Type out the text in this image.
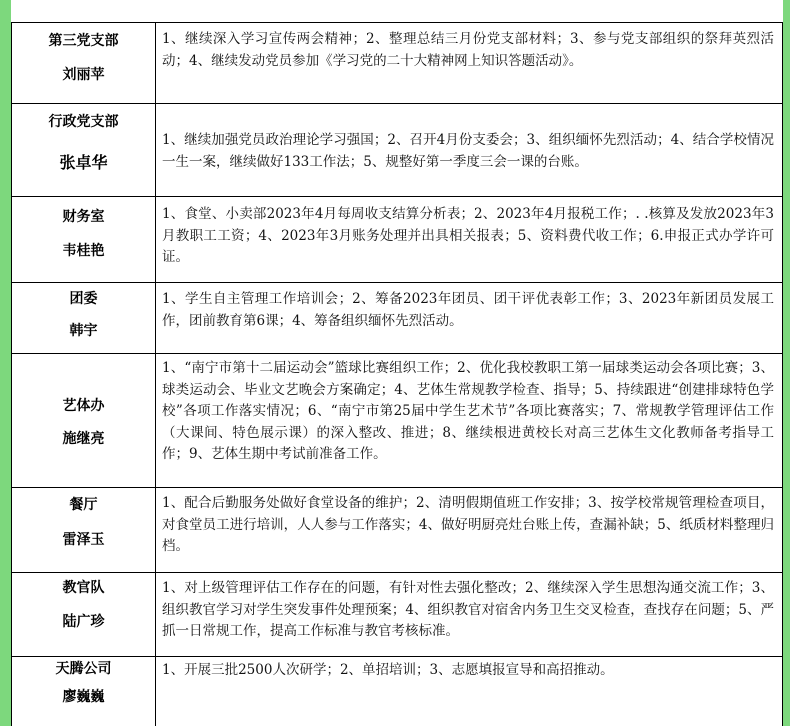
第三党支部
刘丽苹
1、继续深入学习宣传两会精神；2、整理总结三月份党支部材料；3、参与党支部组织的祭拜英烈活动；4、继续发动党员参加《学习党的二十大精神网上知识答题活动》。
行政党支部
张卓华
1、继续加强党员政治理论学习强国；2、召开4月份支委会；3、组织缅怀先烈活动；4、结合学校情况一生一案，继续做好133工作法；5、规整好第一季度三会一课的台账。
财务室
韦桂艳
1、食堂、小卖部2023年4月每周收支结算分析表；2、2023年4月报税工作；. .核算及发放2023年3月教职工工资；4、2023年3月账务处理并出具相关报表；5、资料费代收工作；6.申报正式办学许可证。
团委
韩宇
1、学生自主管理工作培训会；2、筹备2023年团员、团干评优表彰工作；3、2023年新团员发展工作，团前教育第6课；4、筹备组织缅怀先烈活动。
艺体办
施继亮
1、“南宁市第十二届运动会”篮球比赛组织工作；2、优化我校教职工第一届球类运动会各项比赛；3、球类运动会、毕业文艺晚会方案确定；4、艺体生常规教学检查、指导；5、持续跟进“创建排球特色学校”各项工作落实情况；6、“南宁市第25届中学生艺术节”各项比赛落实；7、常规教学管理评估工作（大课间、特色展示课）的深入整改、推进；8、继续根进黄校长对高三艺体生文化教师备考指导工作；9、艺体生期中考试前准备工作。
餐厅
雷泽玉
1、配合后勤服务处做好食堂设备的维护；2、清明假期值班工作安排；3、按学校常规管理检查项目，对食堂员工进行培训，人人参与工作落实；4、做好明厨亮灶台账上传，查漏补缺；5、纸质材料整理归档。
教官队
陆广珍
1、对上级管理评估工作存在的问题，有针对性去强化整改；2、继续深入学生思想沟通交流工作；3、组织教官学习对学生突发事件处理预案；4、组织教官对宿舍内务卫生交叉检查，查找存在问题；5、严抓一日常规工作，提高工作标准与教官考核标准。
天腾公司
廖巍巍
1、开展三批2500人次研学；2、单招培训；3、志愿填报宣导和高招推动。
